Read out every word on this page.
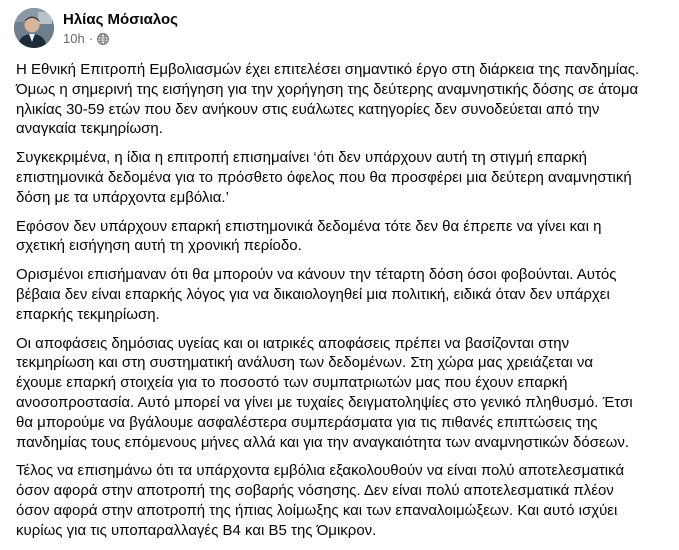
Ηλίας Μόσιαλος
10h ·

Η Εθνική Επιτροπή Εμβολιασμών έχει επιτελέσει σημαντικό έργο στη διάρκεια της πανδημίας.
Όμως η σημερινή της εισήγηση για την χορήγηση της δεύτερης αναμνηστικής δόσης σε άτομα
ηλικίας 30-59 ετών που δεν ανήκουν στις ευάλωτες κατηγορίες δεν συνοδεύεται από την
αναγκαία τεκμηρίωση.

Συγκεκριμένα, η ίδια η επιτροπή επισημαίνει ‘ότι δεν υπάρχουν αυτή τη στιγμή επαρκή
επιστημονικά δεδομένα για το πρόσθετο όφελος που θα προσφέρει μια δεύτερη αναμνηστική
δόση με τα υπάρχοντα εμβόλια.’

Εφόσον δεν υπάρχουν επαρκή επιστημονικά δεδομένα τότε δεν θα έπρεπε να γίνει και η
σχετική εισήγηση αυτή τη χρονική περίοδο.

Ορισμένοι επισήμαναν ότι θα μπορούν να κάνουν την τέταρτη δόση όσοι φοβούνται. Αυτός
βέβαια δεν είναι επαρκής λόγος για να δικαιολογηθεί μια πολιτική, ειδικά όταν δεν υπάρχει
επαρκής τεκμηρίωση.

Οι αποφάσεις δημόσιας υγείας και οι ιατρικές αποφάσεις πρέπει να βασίζονται στην
τεκμηρίωση και στη συστηματική ανάλυση των δεδομένων. Στη χώρα μας χρειάζεται να
έχουμε επαρκή στοιχεία για το ποσοστό των συμπατριωτών μας που έχουν επαρκή
ανοσοπροστασία. Αυτό μπορεί να γίνει με τυχαίες δειγματοληψίες στο γενικό πληθυσμό. Έτσι
θα μπορούμε να βγάλουμε ασφαλέστερα συμπεράσματα για τις πιθανές επιπτώσεις της
πανδημίας τους επόμενους μήνες αλλά και για την αναγκαιότητα των αναμνηστικών δόσεων.

Τέλος να επισημάνω ότι τα υπάρχοντα εμβόλια εξακολουθούν να είναι πολύ αποτελεσματικά
όσον αφορά στην αποτροπή της σοβαρής νόσησης. Δεν είναι πολύ αποτελεσματικά πλέον
όσον αφορά στην αποτροπή της ήπιας λοίμωξης και των επαναλοιμώξεων. Και αυτό ισχύει
κυρίως για τις υποπαραλλαγές Β4 και Β5 της Όμικρον.
